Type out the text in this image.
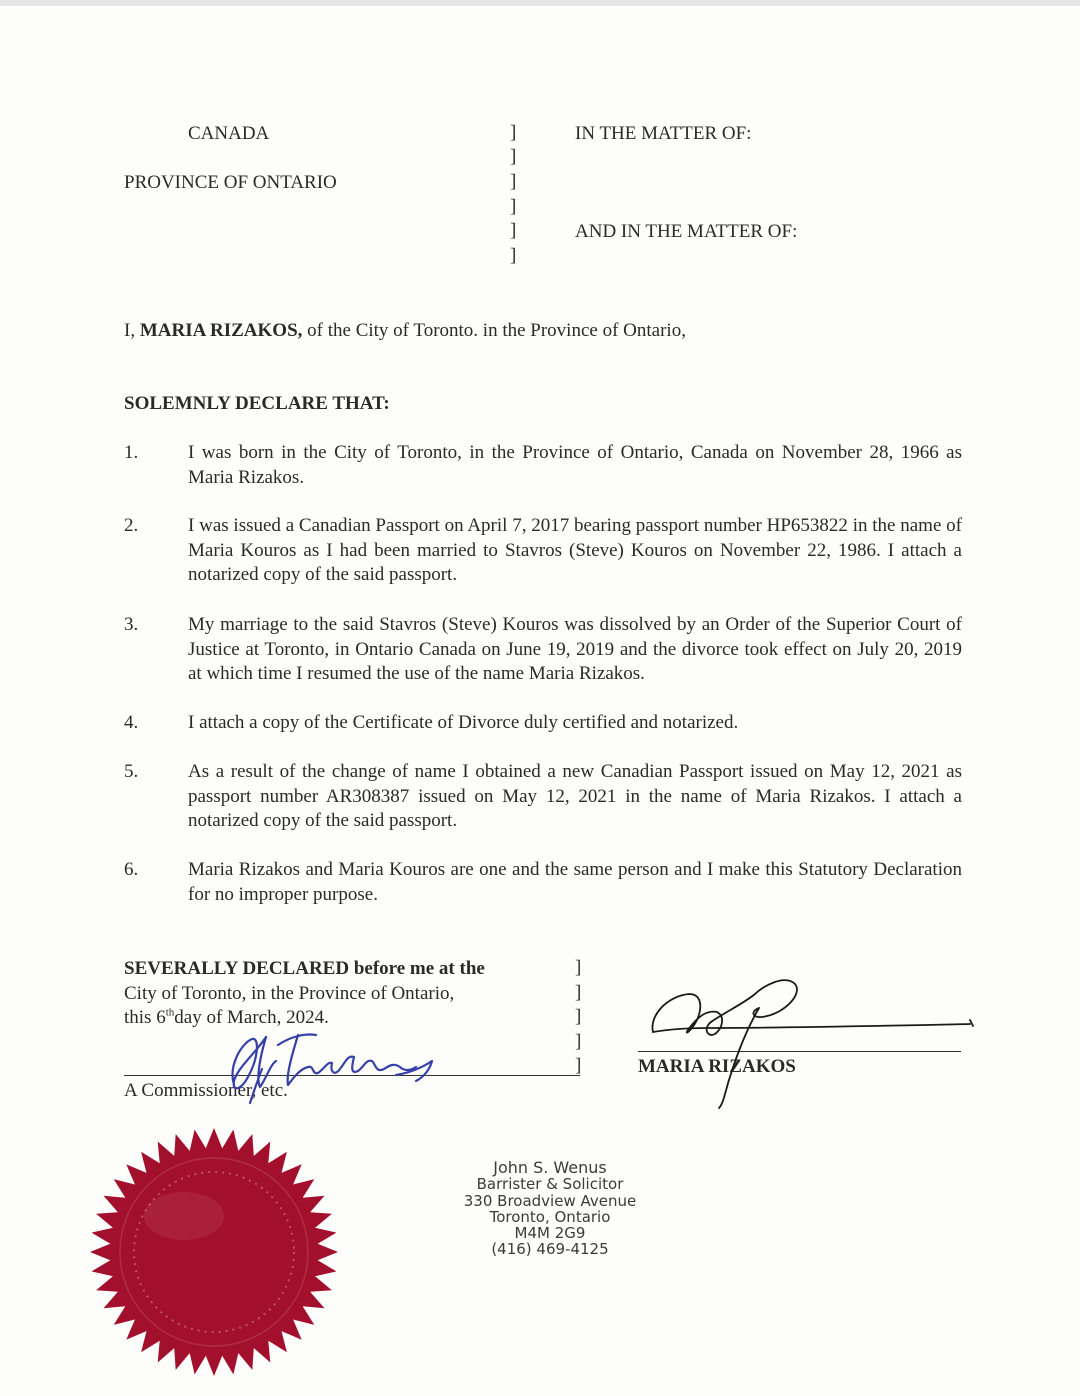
CANADA
PROVINCE OF ONTARIO
IN THE MATTER OF:
AND IN THE MATTER OF:
]
]
]
]
]
]
I, MARIA RIZAKOS, of the City of Toronto. in the Province of Ontario,
SOLEMNLY DECLARE THAT:
1.	I was born in the City of Toronto, in the Province of Ontario, Canada on November 28, 1966 as Maria Rizakos.
2.	I was issued a Canadian Passport on April 7, 2017 bearing passport number HP653822 in the name of Maria Kouros as I had been married to Stavros (Steve) Kouros on November 22, 1986. I attach a notarized copy of the said passport.
3.	My marriage to the said Stavros (Steve) Kouros was dissolved by an Order of the Superior Court of Justice at Toronto, in Ontario Canada on June 19, 2019 and the divorce took effect on July 20, 2019 at which time I resumed the use of the name Maria Rizakos.
4.	I attach a copy of the Certificate of Divorce duly certified and notarized.
5.	As a result of the change of name I obtained a new Canadian Passport issued on May 12, 2021 as passport number AR308387 issued on May 12, 2021 in the name of Maria Rizakos. I attach a notarized copy of the said passport.
6.	Maria Rizakos and Maria Kouros are one and the same person and I make this Statutory Declaration for no improper purpose.
SEVERALLY DECLARED before me at the
City of Toronto, in the Province of Ontario,
this 6thday of March, 2024.
]
]
]
]
]
A Commissioner, etc.
MARIA RIZAKOS
John S. Wenus
Barrister & Solicitor
330 Broadview Avenue
Toronto, Ontario
M4M 2G9
(416) 469-4125
